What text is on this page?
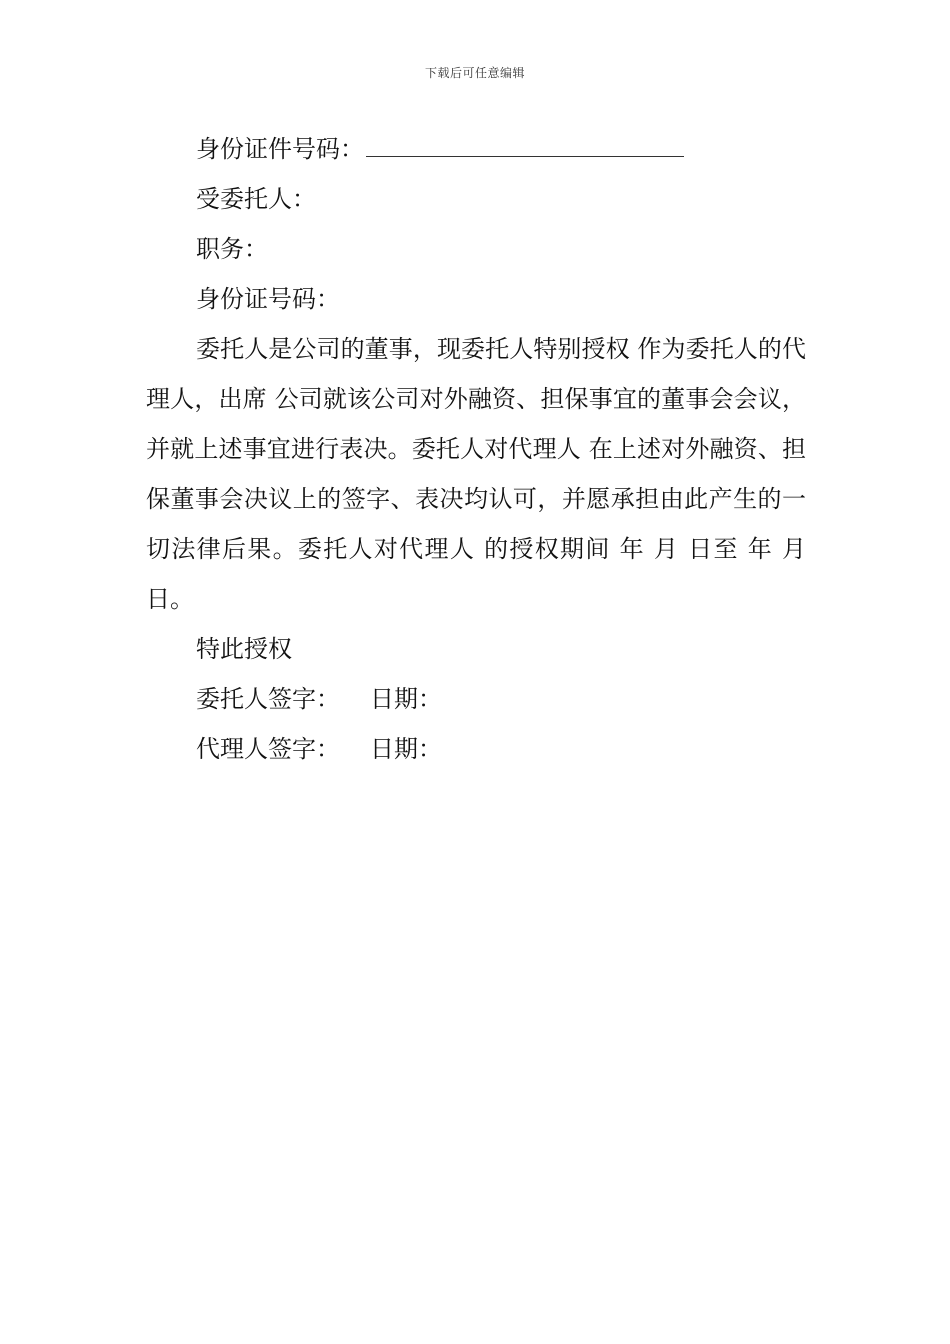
下载后可任意编辑

身份证件号码：

受委托人：

职务：

身份证号码：

委托人是公司的董事，现委托人特别授权 作为委托人的代理人，出席 公司就该公司对外融资、担保事宜的董事会会议，并就上述事宜进行表决。委托人对代理人 在上述对外融资、担保董事会决议上的签字、表决均认可，并愿承担由此产生的一切法律后果。委托人对代理人 的授权期间 年 月 日至 年 月 日。

特此授权

委托人签字： 日期：

代理人签字： 日期：
